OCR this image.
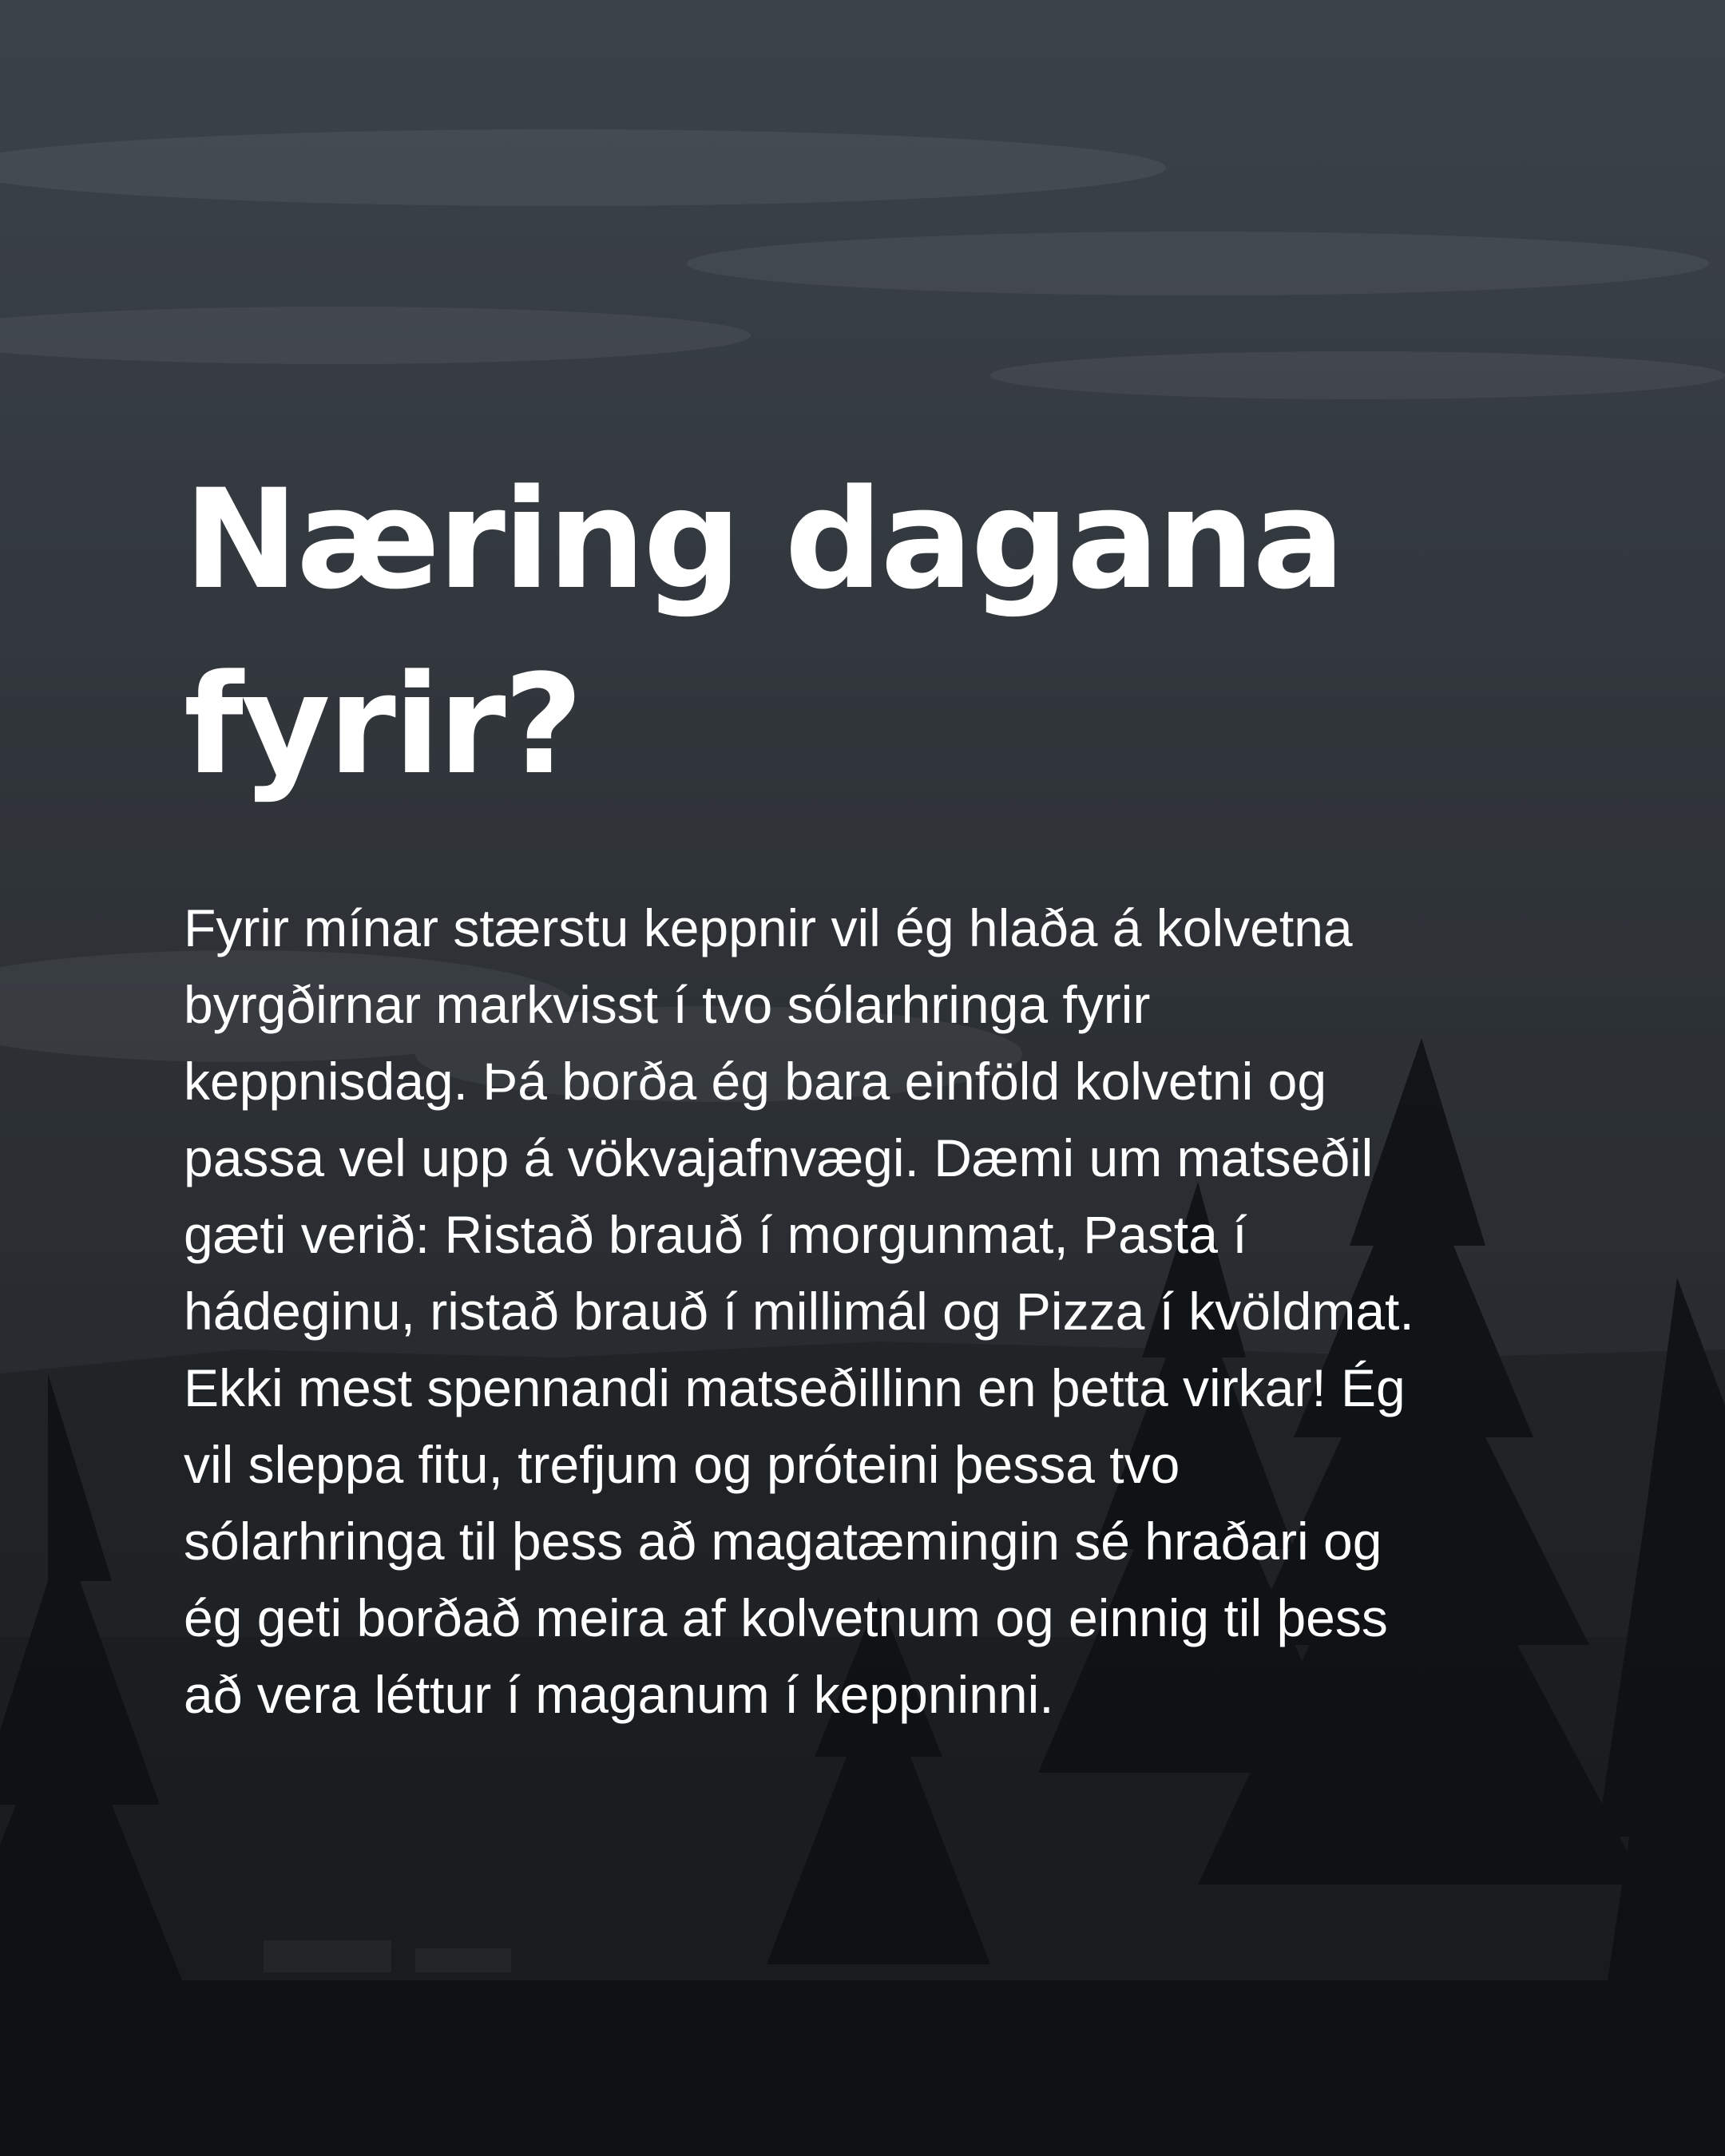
Næring dagana fyrir?

Fyrir mínar stærstu keppnir vil ég hlaða á kolvetna byrgðirnar markvisst í tvo sólarhringa fyrir keppnisdag. Þá borða ég bara einföld kolvetni og passa vel upp á vökvajafnvægi. Dæmi um matseðil gæti verið: Ristað brauð í morgunmat, Pasta í hádeginu, ristað brauð í millimál og Pizza í kvöldmat. Ekki mest spennandi matseðillinn en þetta virkar! Ég vil sleppa fitu, trefjum og próteini þessa tvo sólarhringa til þess að magatæmingin sé hraðari og ég geti borðað meira af kolvetnum og einnig til þess að vera léttur í maganum í keppninni.
